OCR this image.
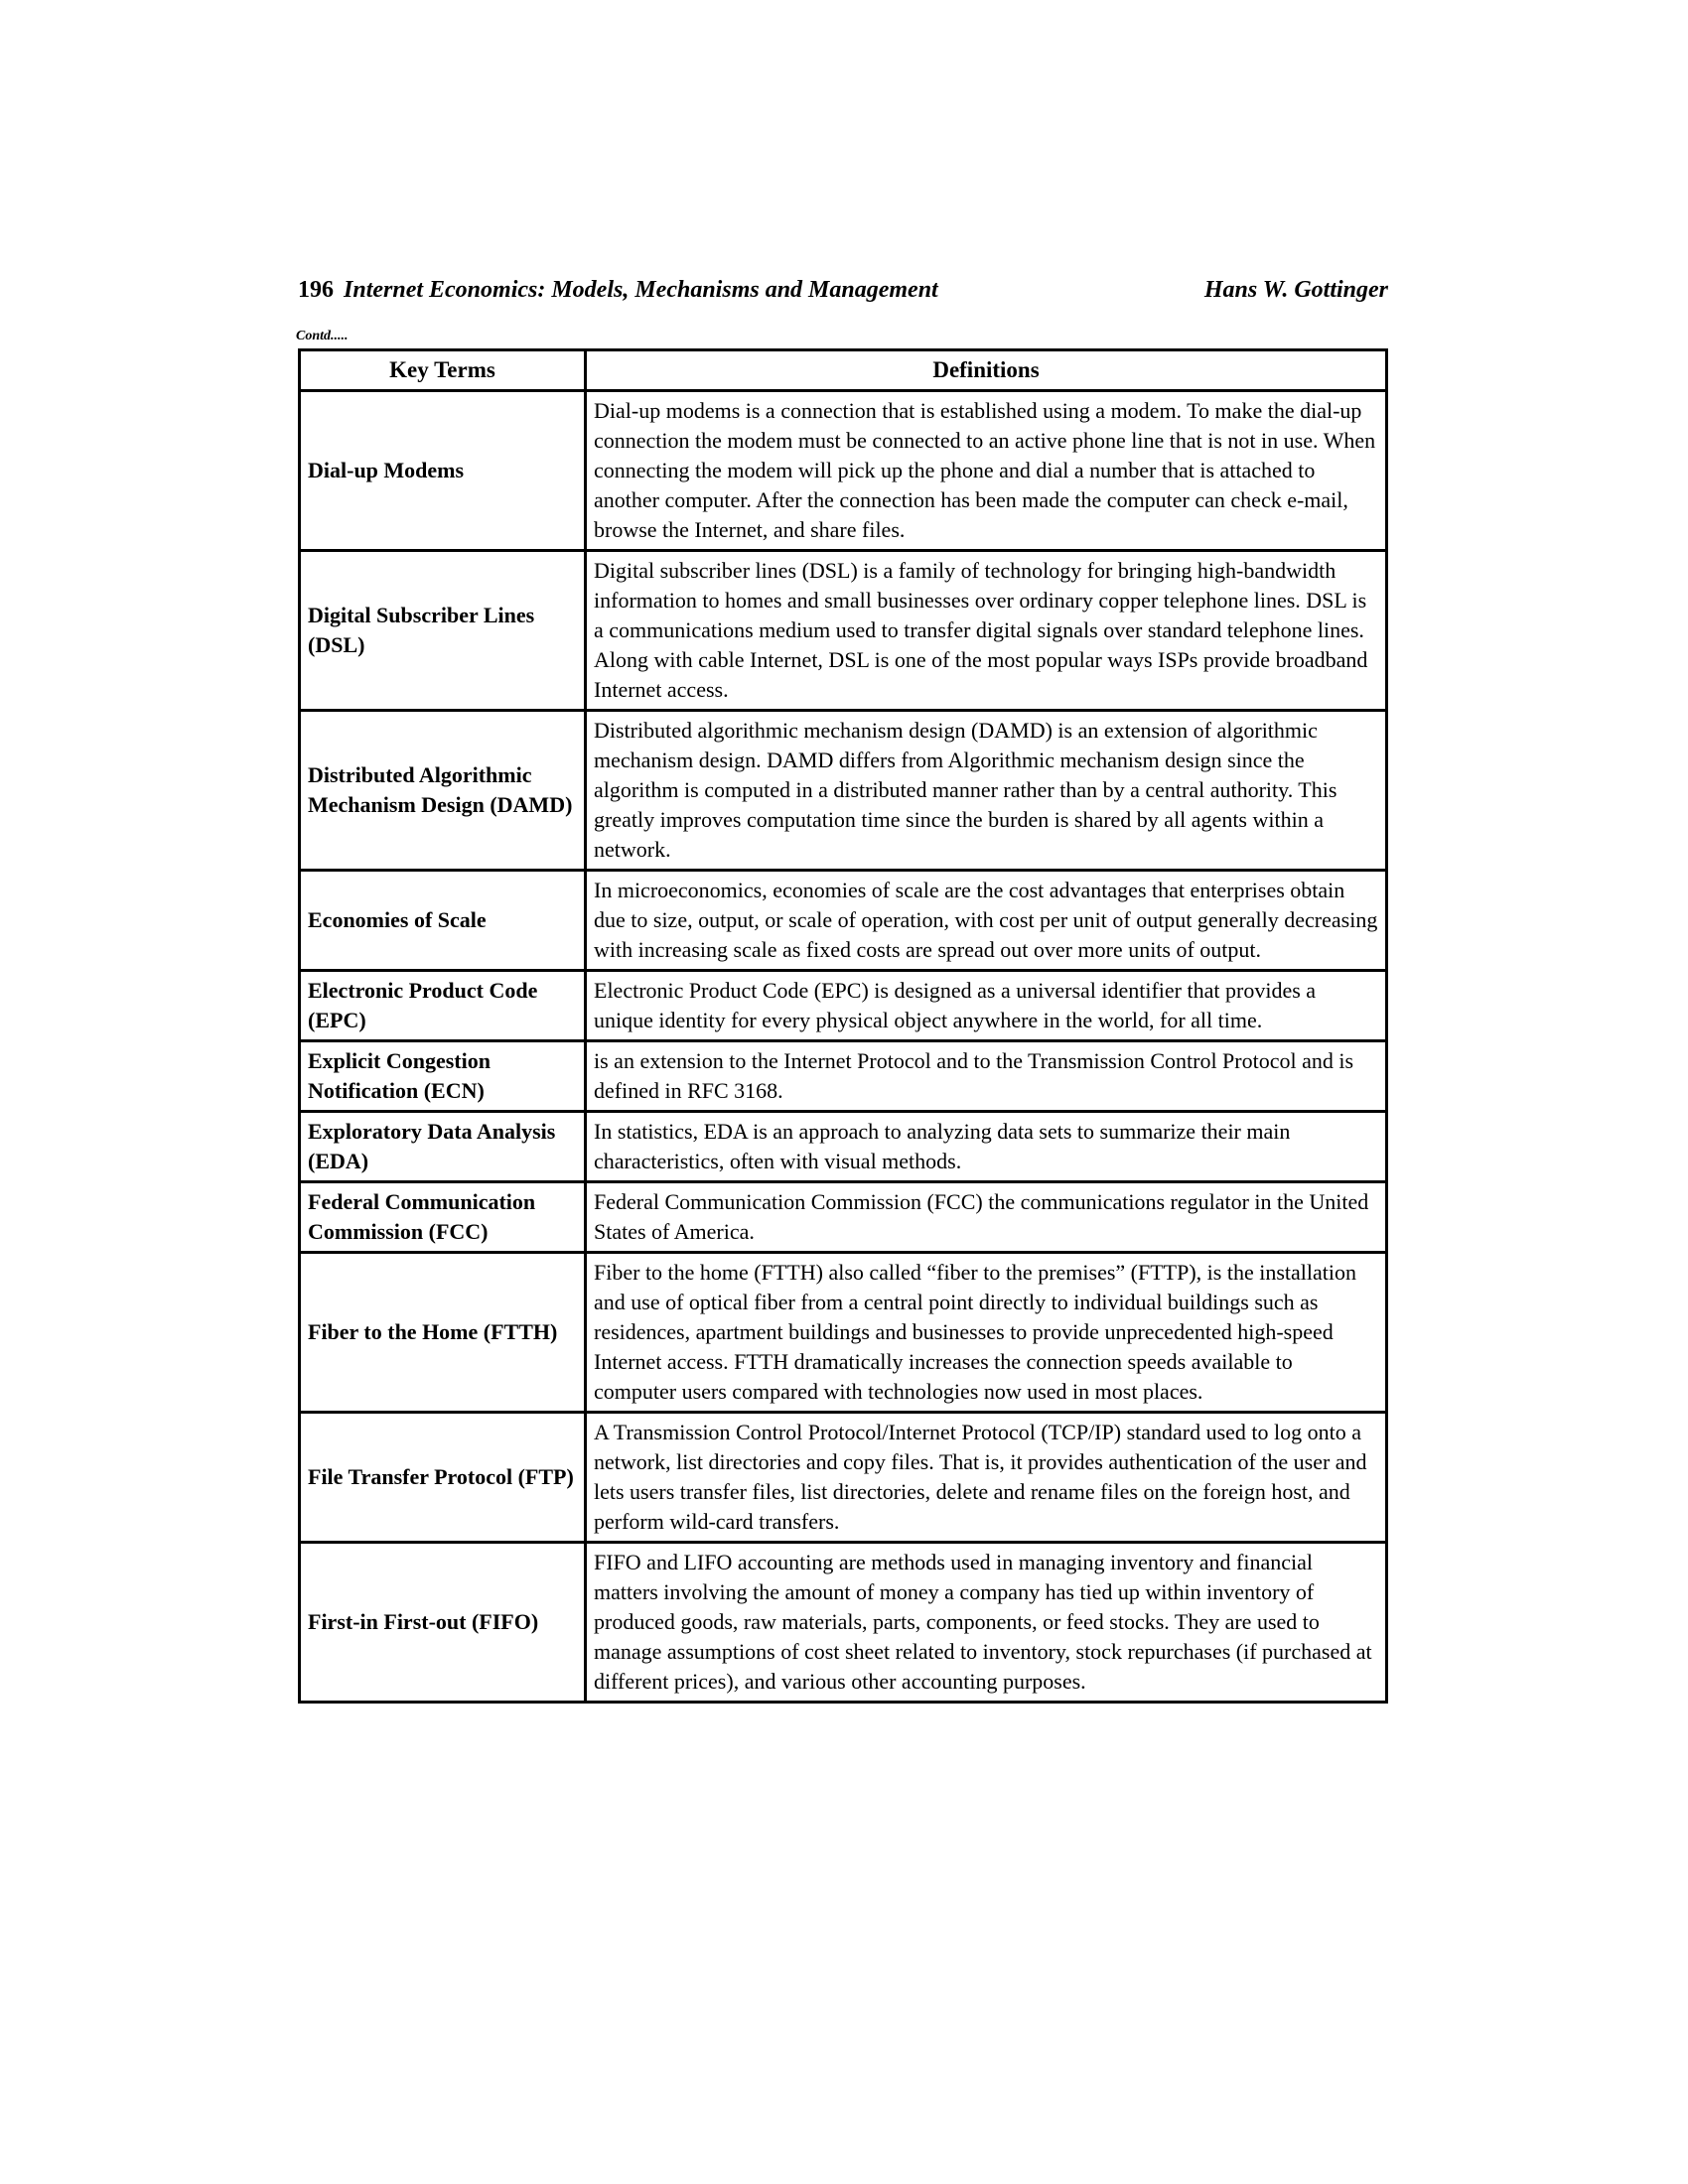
196 Internet Economics: Models, Mechanisms and Management	Hans W. Gottinger
Contd.....
Key Terms	Definitions
Dial-up Modems	Dial-up modems is a connection that is established using a modem. To make the dial-up connection the modem must be connected to an active phone line that is not in use. When connecting the modem will pick up the phone and dial a number that is attached to another computer. After the connection has been made the computer can check e-mail, browse the Internet, and share files.
Digital Subscriber Lines (DSL)	Digital subscriber lines (DSL) is a family of technology for bringing high-bandwidth information to homes and small businesses over ordinary copper telephone lines. DSL is a communications medium used to transfer digital signals over standard telephone lines. Along with cable Internet, DSL is one of the most popular ways ISPs provide broadband Internet access.
Distributed Algorithmic Mechanism Design (DAMD)	Distributed algorithmic mechanism design (DAMD) is an extension of algorithmic mechanism design. DAMD differs from Algorithmic mechanism design since the algorithm is computed in a distributed manner rather than by a central authority. This greatly improves computation time since the burden is shared by all agents within a network.
Economies of Scale	In microeconomics, economies of scale are the cost advantages that enterprises obtain due to size, output, or scale of operation, with cost per unit of output generally decreasing with increasing scale as fixed costs are spread out over more units of output.
Electronic Product Code (EPC)	Electronic Product Code (EPC) is designed as a universal identifier that provides a unique identity for every physical object anywhere in the world, for all time.
Explicit Congestion Notification (ECN)	is an extension to the Internet Protocol and to the Transmission Control Protocol and is defined in RFC 3168.
Exploratory Data Analysis (EDA)	In statistics, EDA is an approach to analyzing data sets to summarize their main characteristics, often with visual methods.
Federal Communication Commission (FCC)	Federal Communication Commission (FCC) the communications regulator in the United States of America.
Fiber to the Home (FTTH)	Fiber to the home (FTTH) also called “fiber to the premises” (FTTP), is the installation and use of optical fiber from a central point directly to individual buildings such as residences, apartment buildings and businesses to provide unprecedented high-speed Internet access. FTTH dramatically increases the connection speeds available to computer users compared with technologies now used in most places.
File Transfer Protocol (FTP)	A Transmission Control Protocol/Internet Protocol (TCP/IP) standard used to log onto a network, list directories and copy files. That is, it provides authentication of the user and lets users transfer files, list directories, delete and rename files on the foreign host, and perform wild-card transfers.
First-in First-out (FIFO)	FIFO and LIFO accounting are methods used in managing inventory and financial matters involving the amount of money a company has tied up within inventory of produced goods, raw materials, parts, components, or feed stocks. They are used to manage assumptions of cost sheet related to inventory, stock repurchases (if purchased at different prices), and various other accounting purposes.
